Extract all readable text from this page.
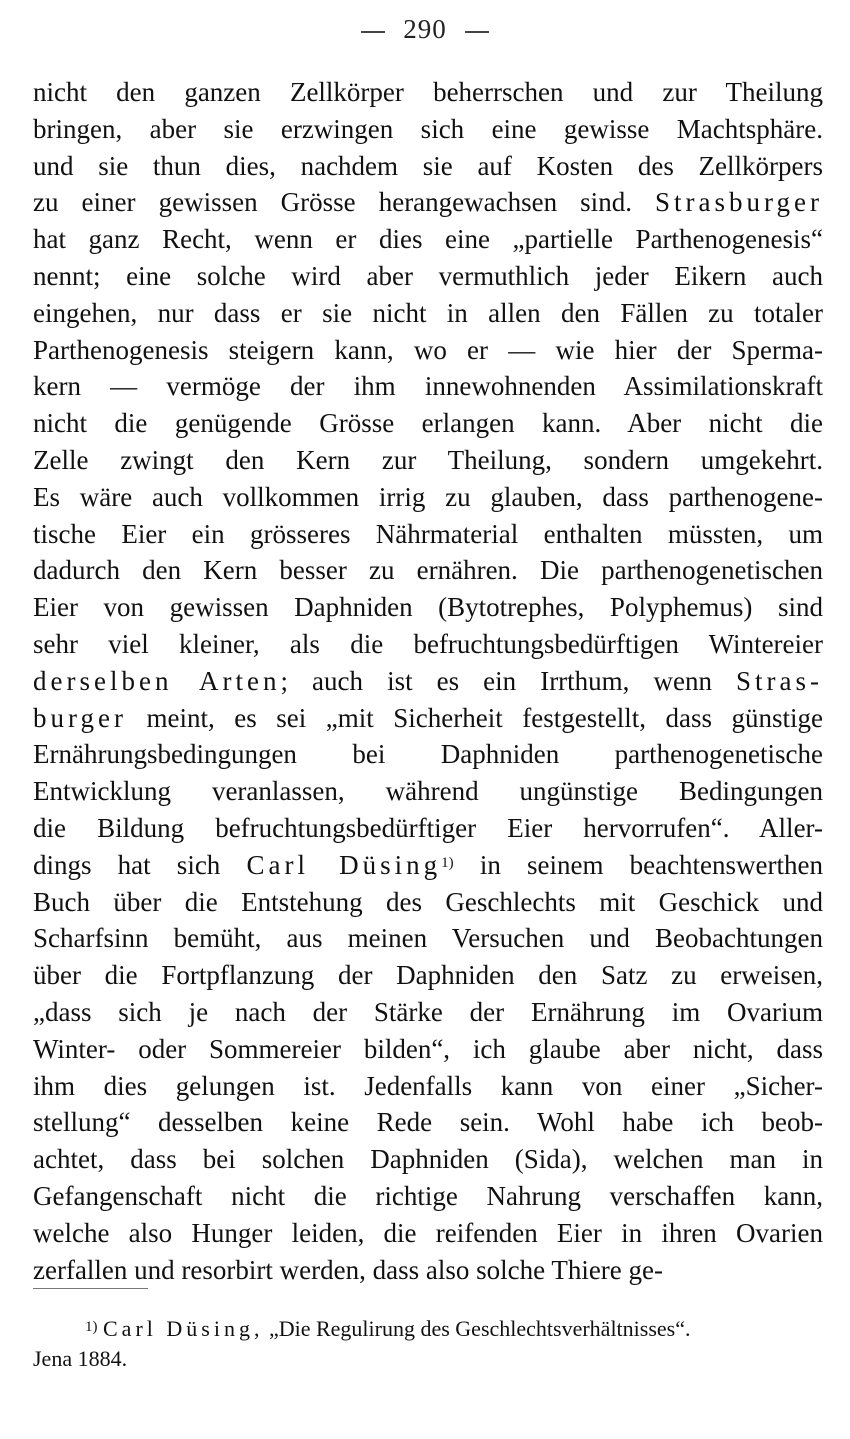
290
nicht den ganzen Zellkörper beherrschen und zur Theilung
bringen, aber sie erzwingen sich eine gewisse Machtsphäre.
und sie thun dies, nachdem sie auf Kosten des Zellkörpers
zu einer gewissen Grösse herangewachsen sind. Strasburger
hat ganz Recht, wenn er dies eine „partielle Parthenogenesis“
nennt; eine solche wird aber vermuthlich jeder Eikern auch
eingehen, nur dass er sie nicht in allen den Fällen zu totaler
Parthenogenesis steigern kann, wo er — wie hier der Sperma-
kern — vermöge der ihm innewohnenden Assimilationskraft
nicht die genügende Grösse erlangen kann. Aber nicht die
Zelle zwingt den Kern zur Theilung, sondern umgekehrt.
Es wäre auch vollkommen irrig zu glauben, dass parthenogene-
tische Eier ein grösseres Nährmaterial enthalten müssten, um
dadurch den Kern besser zu ernähren. Die parthenogenetischen
Eier von gewissen Daphniden (Bytotrephes, Polyphemus) sind
sehr viel kleiner, als die befruchtungsbedürftigen Wintereier
derselben Arten; auch ist es ein Irrthum, wenn Stras-
burger meint, es sei „mit Sicherheit festgestellt, dass günstige
Ernährungsbedingungen bei Daphniden parthenogenetische
Entwicklung veranlassen, während ungünstige Bedingungen
die Bildung befruchtungsbedürftiger Eier hervorrufen“. Aller-
dings hat sich Carl Düsing$^{1)}$ in seinem beachtenswerthen
Buch über die Entstehung des Geschlechts mit Geschick und
Scharfsinn bemüht, aus meinen Versuchen und Beobachtungen
über die Fortpflanzung der Daphniden den Satz zu erweisen,
„dass sich je nach der Stärke der Ernährung im Ovarium
Winter- oder Sommereier bilden“, ich glaube aber nicht, dass
ihm dies gelungen ist. Jedenfalls kann von einer „Sicher-
stellung“ desselben keine Rede sein. Wohl habe ich beob-
achtet, dass bei solchen Daphniden (Sida), welchen man in
Gefangenschaft nicht die richtige Nahrung verschaffen kann,
welche also Hunger leiden, die reifenden Eier in ihren Ovarien
zerfallen und resorbirt werden, dass also solche Thiere ge-
$^{1)}$ Carl Düsing, „Die Regulirung des Geschlechtsverhältnisses“.
Jena 1884.
